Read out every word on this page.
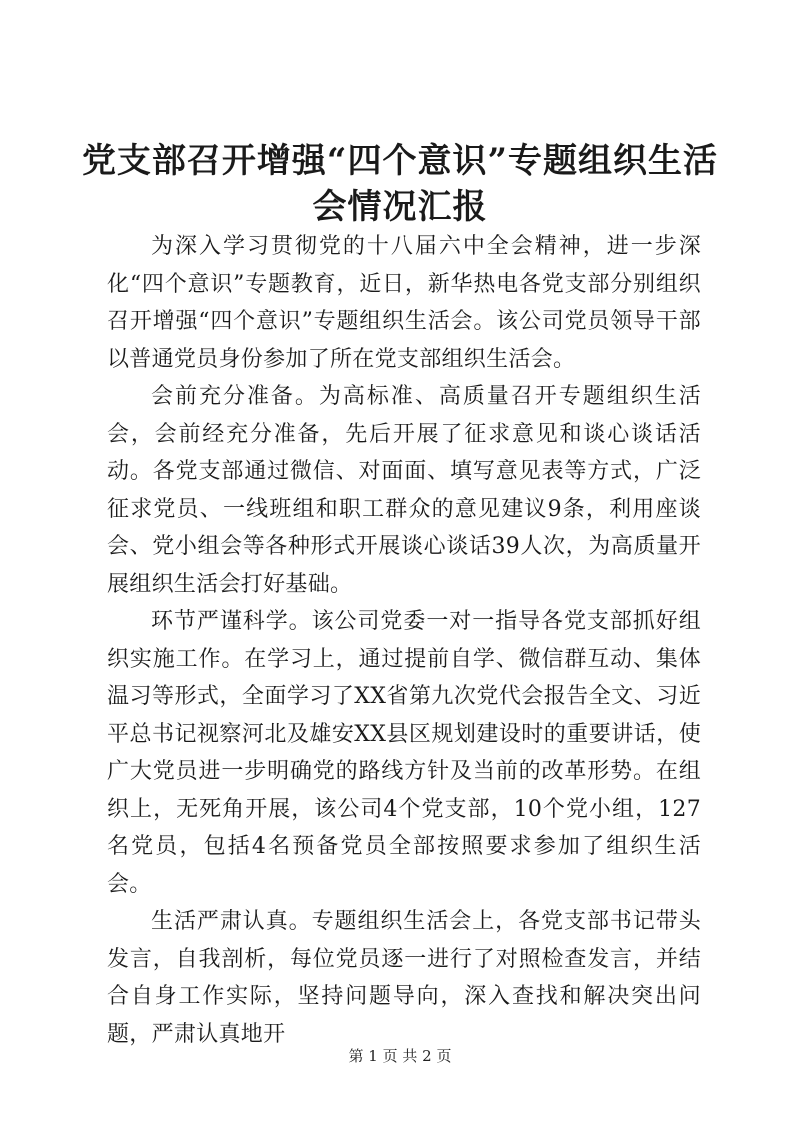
党支部召开增强“四个意识”专题组织生活会情况汇报

为深入学习贯彻党的十八届六中全会精神，进一步深化“四个意识”专题教育，近日，新华热电各党支部分别组织召开增强“四个意识”专题组织生活会。该公司党员领导干部以普通党员身份参加了所在党支部组织生活会。

会前充分准备。为高标准、高质量召开专题组织生活会，会前经充分准备，先后开展了征求意见和谈心谈话活动。各党支部通过微信、对面面、填写意见表等方式，广泛征求党员、一线班组和职工群众的意见建议9条，利用座谈会、党小组会等各种形式开展谈心谈话39人次，为高质量开展组织生活会打好基础。

环节严谨科学。该公司党委一对一指导各党支部抓好组织实施工作。在学习上，通过提前自学、微信群互动、集体温习等形式，全面学习了XX省第九次党代会报告全文、习近平总书记视察河北及雄安XX县区规划建设时的重要讲话，使广大党员进一步明确党的路线方针及当前的改革形势。在组织上，无死角开展，该公司4个党支部，10个党小组，127名党员，包括4名预备党员全部按照要求参加了组织生活会。

生活严肃认真。专题组织生活会上，各党支部书记带头发言，自我剖析，每位党员逐一进行了对照检查发言，并结合自身工作实际，坚持问题导向，深入查找和解决突出问题，严肃认真地开

第 1 页 共 2 页
